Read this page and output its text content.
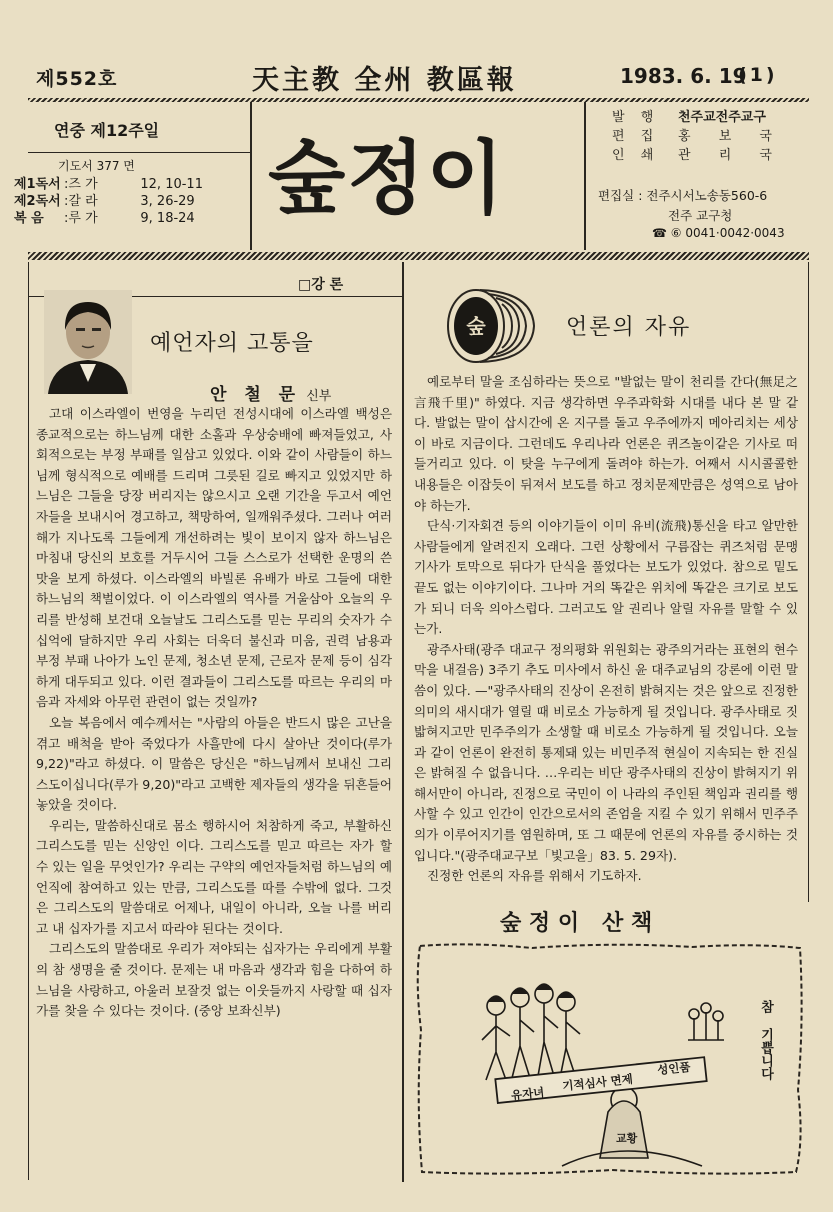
제552호	天主教 全州 教區報	1983. 6. 19
(1)
연중 제12주일
기도서 377 면
제1독서 : 즈 가	12, 10-11
제2독서 : 갈 라	3, 26-29
복 음	: 루 가	9, 18-24 숲정이
발 행	천주교전주교구
편 집	홍 보 국
인 쇄	관 리 국
편집실 : 전주시서노송동560-6
전주 교구청
☎ ⑥ 0041·0042·0043
□강 론
예언자의 고통을
안 철 문 신부

고대 이스라엘이 번영을 누리던 전성시대에 이스라엘 백성은 종교적으로는 하느님께 대한 소홀과 우상숭배에 빠져들었고, 사회적으로는 부정 부패를 일삼고 있었다. 이와 같이 사람들이 하느님께 형식적으로 예배를 드리며 그릇된 길로 빠지고 있었지만 하느님은 그들을 당장 버리지는 않으시고 오랜 기간을 두고서 예언자들을 보내시어 경고하고, 책망하여, 일깨워주셨다. 그러나 여러 해가 지나도록 그들에게 개선하려는 빛이 보이지 않자 하느님은 마침내 당신의 보호를 거두시어 그들 스스로가 선택한 운명의 쓴 맛을 보게 하셨다. 이스라엘의 바빌론 유배가 바로 그들에 대한 하느님의 책벌이었다. 이 이스라엘의 역사를 거울삼아 오늘의 우리를 반성해 보건대 오늘날도 그리스도를 믿는 무리의 숫자가 수십억에 달하지만 우리 사회는 더욱더 불신과 미움, 권력 남용과 부정 부패 나아가 노인 문제, 청소년 문제, 근로자 문제 등이 심각하게 대두되고 있다. 이런 결과들이 그리스도를 따르는 우리의 마음과 자세와 아무런 관련이 없는 것일까?

오늘 복음에서 예수께서는 "사람의 아들은 반드시 많은 고난을 겪고 배척을 받아 죽었다가 사흘만에 다시 살아난 것이다(루가 9,22)"라고 하셨다. 이 말씀은 당신은 "하느님께서 보내신 그리스도이십니다(루가 9,20)"라고 고백한 제자들의 생각을 뒤흔들어 놓았을 것이다.

우리는, 말씀하신대로 몸소 행하시어 처참하게 죽고, 부활하신 그리스도를 믿는 신앙인 이다. 그리스도를 믿고 따르는 자가 할 수 있는 일을 무엇인가? 우리는 구약의 예언자들처럼 하느님의 예언직에 참여하고 있는 만큼, 그리스도를 따를 수밖에 없다. 그것은 그리스도의 말씀대로 어제나, 내일이 아니라, 오늘 나를 버리고 내 십자가를 지고서 따라야 된다는 것이다.

그리스도의 말씀대로 우리가 져야되는 십자가는 우리에게 부활의 참 생명을 줄 것이다. 문제는 내 마음과 생각과 힘을 다하여 하느님을 사랑하고, 아울러 보잘것 없는 이웃들까지 사랑할 때 십자가를 찾을 수 있다는 것이다. (중앙 보좌신부)

숲	언론의 자유

예로부터 말을 조심하라는 뜻으로 "발없는 말이 천리를 간다(無足之言飛千里)" 하였다. 지금 생각하면 우주과학화 시대를 내다 본 말 같다. 발없는 말이 삽시간에 온 지구를 돌고 우주에까지 메아리치는 세상이 바로 지금이다. 그런데도 우리나라 언론은 퀴즈놀이같은 기사로 떠들거리고 있다. 이 탓을 누구에게 돌려야 하는가. 어째서 시시콜콜한 내용들은 이잡듯이 뒤져서 보도를 하고 정치문제만큼은 성역으로 남아야 하는가.

단식·기자회견 등의 이야기들이 이미 유비(流飛)통신을 타고 알만한 사람들에게 알려진지 오래다. 그런 상황에서 구름잡는 퀴즈처럼 문맹 기사가 토막으로 뒤다가 단식을 풀었다는 보도가 있었다. 참으로 밑도 끝도 없는 이야기이다. 그나마 거의 똑같은 위치에 똑같은 크기로 보도가 되니 더욱 의아스럽다. 그러고도 알 권리나 알릴 자유를 말할 수 있는가.

광주사태(광주 대교구 정의평화 위원회는 광주의거라는 표현의 현수막을 내걸음) 3주기 추도 미사에서 하신 윤 대주교님의 강론에 이런 말씀이 있다. —"광주사태의 진상이 온전히 밝혀지는 것은 앞으로 진정한 의미의 새시대가 열릴 때 비로소 가능하게 될 것입니다. 광주사태로 짓밟혀지고만 민주주의가 소생할 때 비로소 가능하게 될 것입니다. 오늘과 같이 언론이 완전히 통제돼 있는 비민주적 현실이 지속되는 한 진실은 밝혀질 수 없읍니다. …우리는 비단 광주사태의 진상이 밝혀지기 위해서만이 아니라, 진정으로 국민이 이 나라의 주인된 책임과 권리를 행사할 수 있고 인간이 인간으로서의 존엄을 지킬 수 있기 위해서 민주주의가 이루어지기를 염원하며, 또 그 때문에 언론의 자유를 중시하는 것입니다."(광주대교구보「빛고을」83. 5. 29자).

진정한 언론의 자유를 위해서 기도하자.

숲 정 이   산 책
유자녀
기적심사 면제
성인품
교황
참 기쁩니다
